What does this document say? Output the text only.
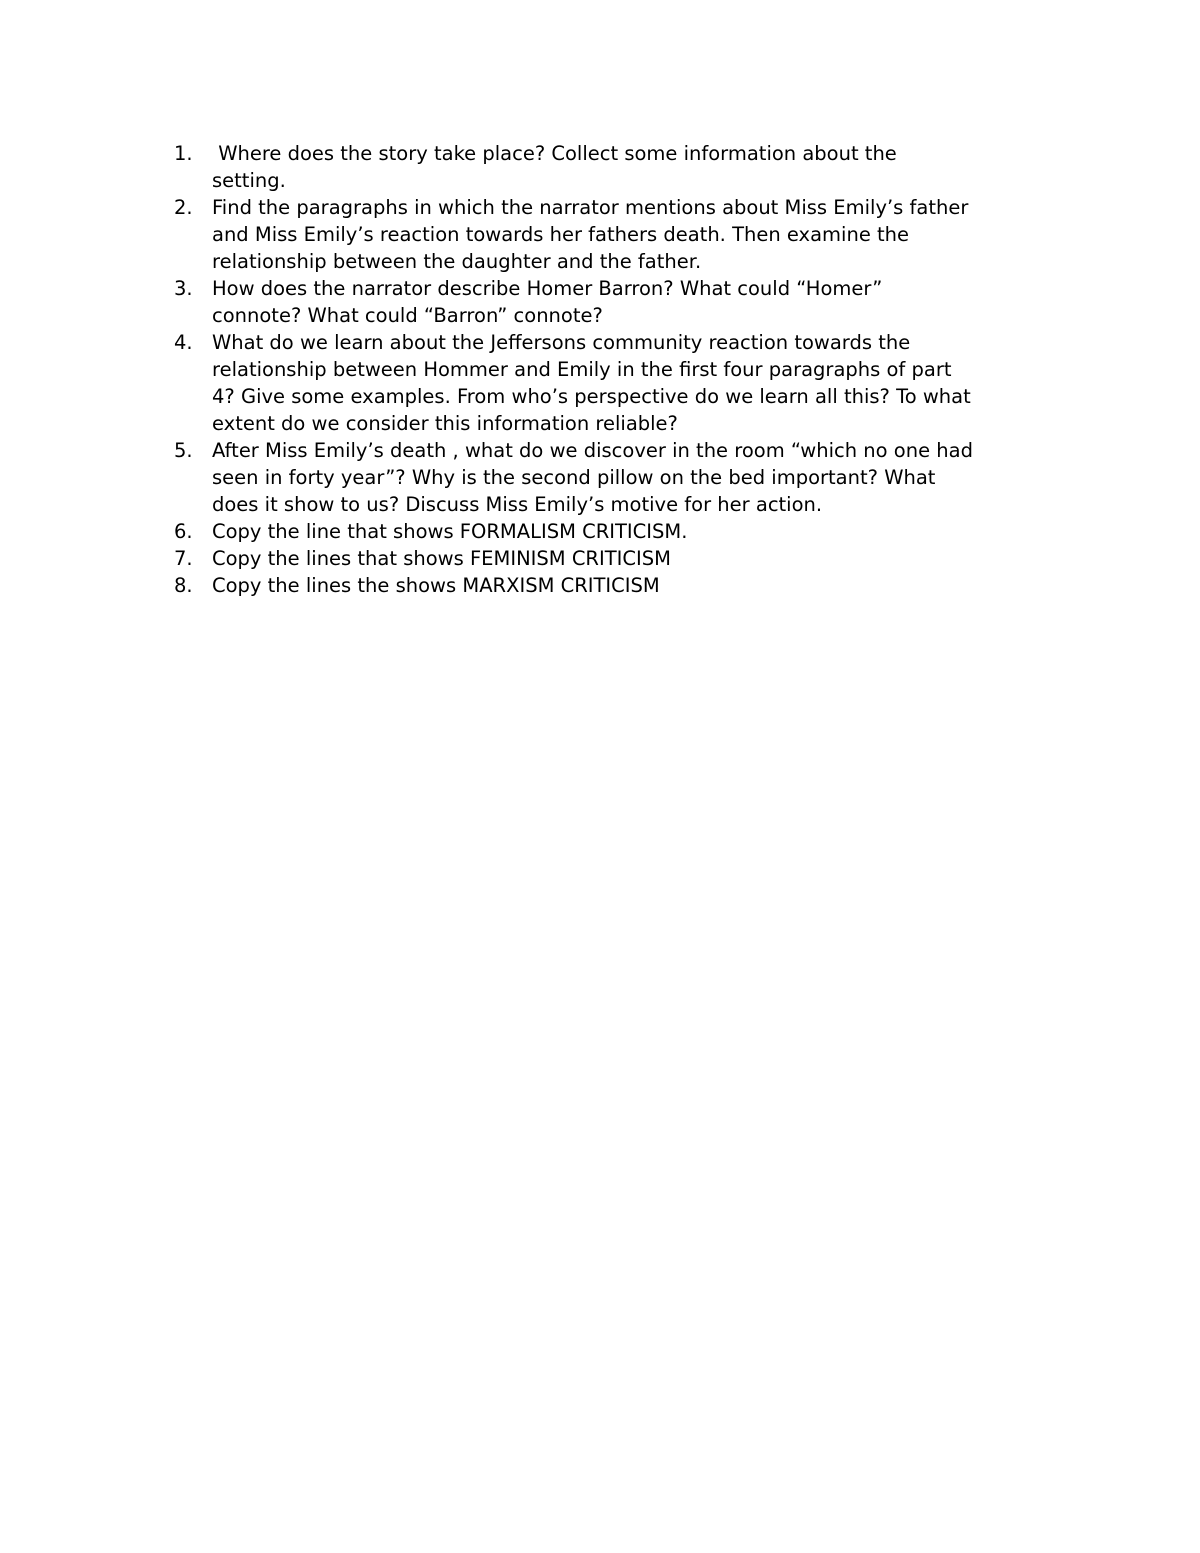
1.	Where does the story take place? Collect some information about the
setting.
2. Find the paragraphs in which the narrator mentions about Miss Emily’s father
and Miss Emily’s reaction towards her fathers death. Then examine the
relationship between the daughter and the father.
3. How does the narrator describe Homer Barron? What could “Homer”
connote? What could “Barron” connote?
4. What do we learn about the Jeffersons community reaction towards the
relationship between Hommer and Emily in the first four paragraphs of part
4? Give some examples. From who’s perspective do we learn all this? To what
extent do we consider this information reliable?
5. After Miss Emily’s death , what do we discover in the room “which no one had
seen in forty year”? Why is the second pillow on the bed important? What
does it show to us? Discuss Miss Emily’s motive for her action.
6. Copy the line that shows FORMALISM CRITICISM.
7. Copy the lines that shows FEMINISM CRITICISM
8. Copy the lines the shows MARXISM CRITICISM
